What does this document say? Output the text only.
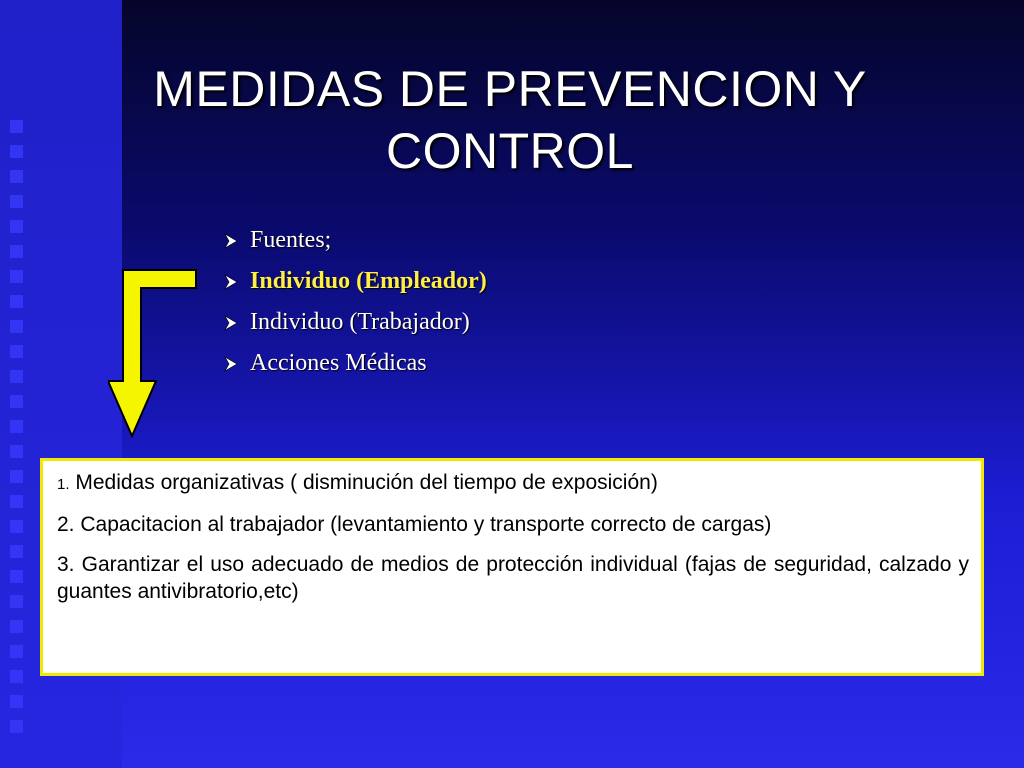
MEDIDAS DE PREVENCION Y CONTROL
Fuentes;
Individuo (Empleador)
Individuo (Trabajador)
Acciones Médicas

1. Medidas organizativas ( disminución del tiempo de exposición)

2. Capacitacion al trabajador (levantamiento y transporte correcto de cargas)

3. Garantizar el uso adecuado de medios de protección individual (fajas de seguridad, calzado y guantes antivibratorio,etc)
